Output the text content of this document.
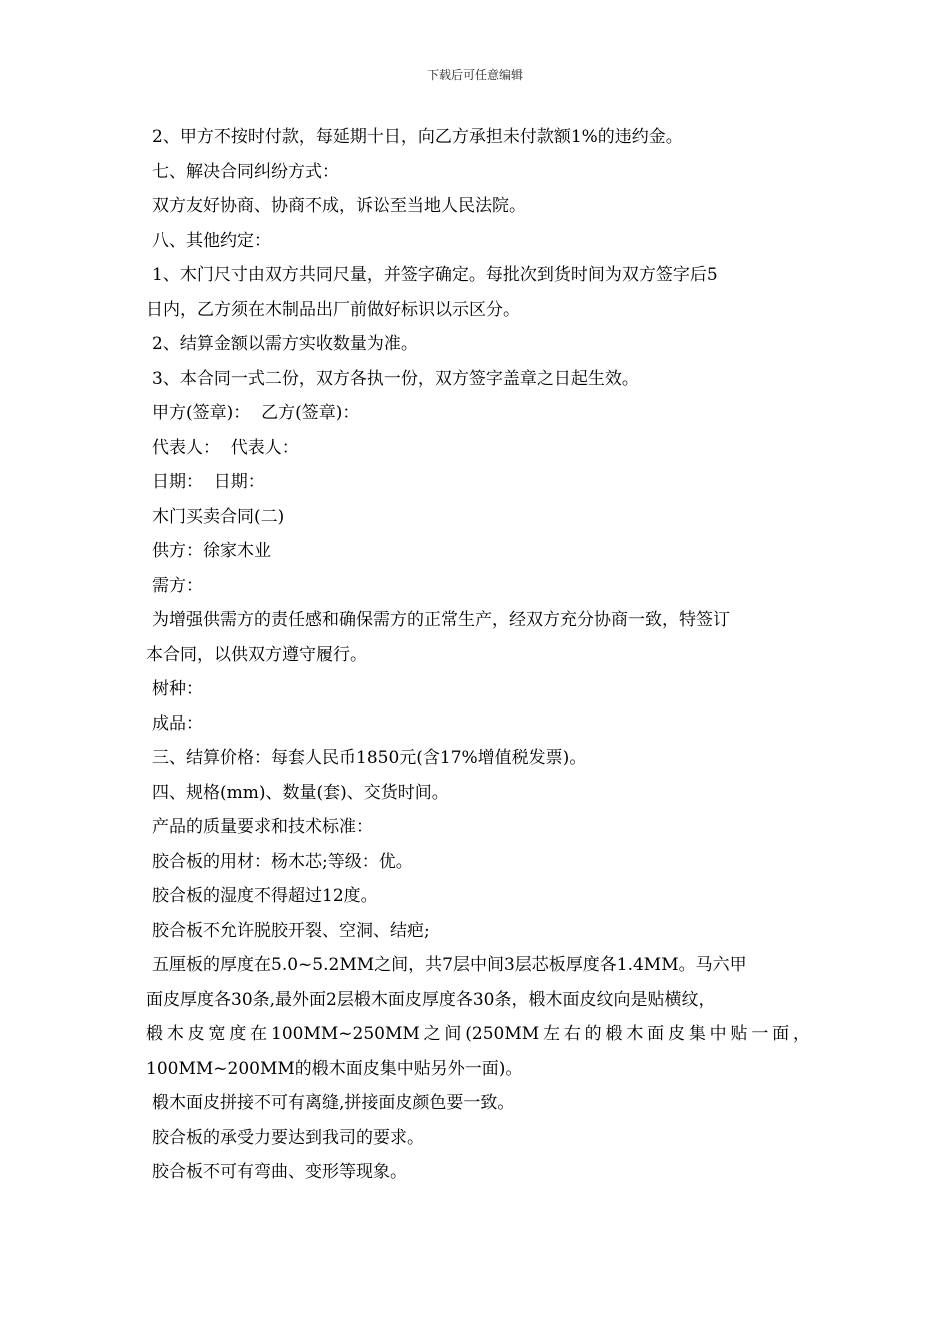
下载后可任意编辑

2、甲方不按时付款，每延期十日，向乙方承担未付款额1%的违约金。

七、解决合同纠纷方式：

双方友好协商、协商不成，诉讼至当地人民法院。

八、其他约定：

1、木门尺寸由双方共同尺量，并签字确定。每批次到货时间为双方签字后5

日内，乙方须在木制品出厂前做好标识以示区分。

2、结算金额以需方实收数量为准。

3、本合同一式二份，双方各执一份，双方签字盖章之日起生效。

甲方(签章)：  乙方(签章)：

代表人：  代表人：

日期：  日期：

木门买卖合同(二)

供方：徐家木业

需方：

为增强供需方的责任感和确保需方的正常生产，经双方充分协商一致，特签订

本合同，以供双方遵守履行。

树种：

成品：

三、结算价格：每套人民币1850元(含17%增值税发票)。

四、规格(mm)、数量(套)、交货时间。

产品的质量要求和技术标准：

胶合板的用材：杨木芯;等级：优。

胶合板的湿度不得超过12度。

胶合板不允许脱胶开裂、空洞、结疤;

五厘板的厚度在5.0~5.2MM之间，共7层中间3层芯板厚度各1.4MM。马六甲

面皮厚度各30条,最外面2层椴木面皮厚度各30条，椴木面皮纹向是贴横纹，

椴木皮宽度在100MM~250MM之间(250MM左右的椴木面皮集中贴一面，

100MM~200MM的椴木面皮集中贴另外一面)。

椴木面皮拼接不可有离缝,拼接面皮颜色要一致。

胶合板的承受力要达到我司的要求。

胶合板不可有弯曲、变形等现象。
